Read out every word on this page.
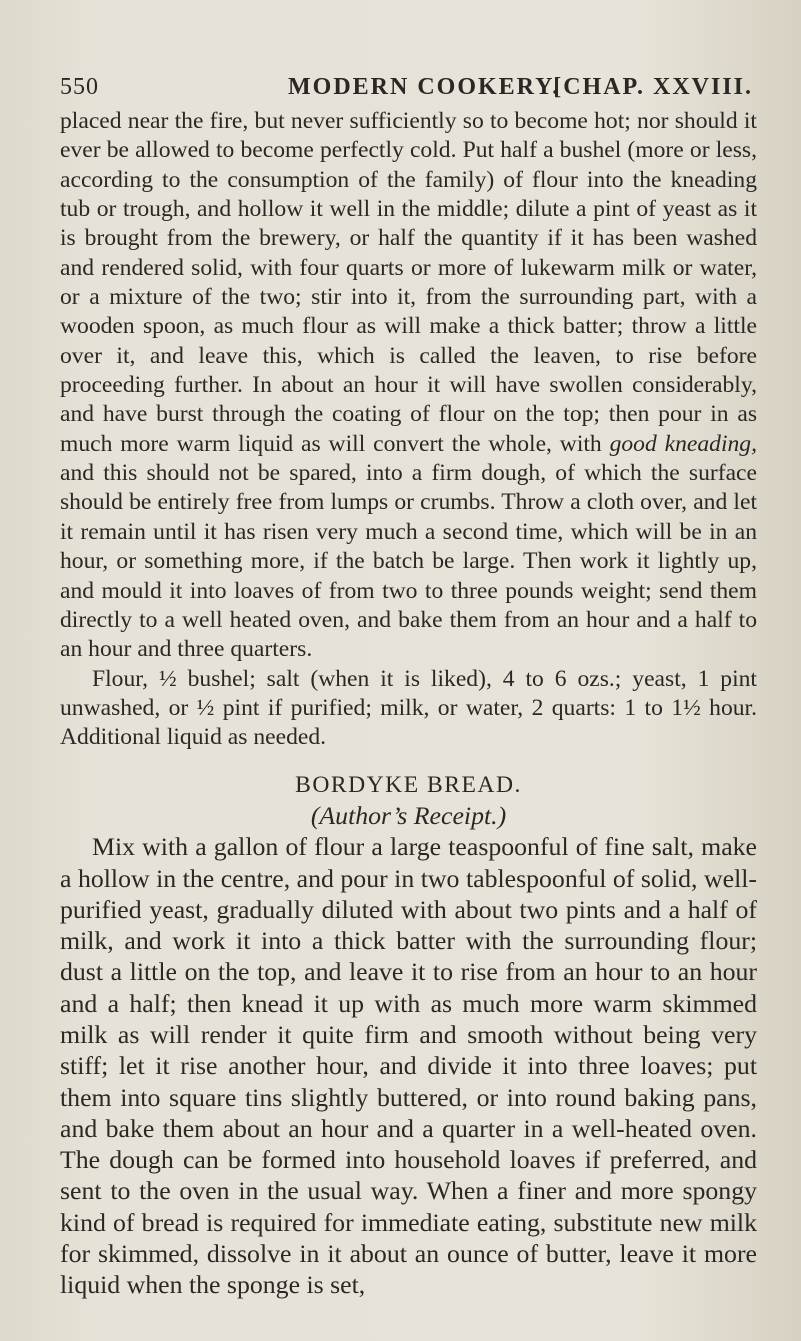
550	MODERN COOKERY.
[CHAP. XXVIII.

placed near the fire, but never sufficiently so to become hot; nor should it ever be allowed to become perfectly cold. Put half a bushel (more or less, according to the consumption of the family) of flour into the kneading tub or trough, and hollow it well in the middle; dilute a pint of yeast as it is brought from the brewery, or half the quantity if it has been washed and rendered solid, with four quarts or more of lukewarm milk or water, or a mixture of the two; stir into it, from the surrounding part, with a wooden spoon, as much flour as will make a thick batter; throw a little over it, and leave this, which is called the leaven, to rise before proceeding further. In about an hour it will have swollen considerably, and have burst through the coating of flour on the top; then pour in as much more warm liquid as will convert the whole, with good kneading, and this should not be spared, into a firm dough, of which the surface should be entirely free from lumps or crumbs. Throw a cloth over, and let it remain until it has risen very much a second time, which will be in an hour, or something more, if the batch be large. Then work it lightly up, and mould it into loaves of from two to three pounds weight; send them directly to a well heated oven, and bake them from an hour and a half to an hour and three quarters.

Flour, ½ bushel; salt (when it is liked), 4 to 6 ozs.; yeast, 1 pint unwashed, or ½ pint if purified; milk, or water, 2 quarts: 1 to 1½ hour. Additional liquid as needed.

BORDYKE BREAD.

(Author’s Receipt.)

Mix with a gallon of flour a large teaspoonful of fine salt, make a hollow in the centre, and pour in two tablespoonful of solid, well-purified yeast, gradually diluted with about two pints and a half of milk, and work it into a thick batter with the surrounding flour; dust a little on the top, and leave it to rise from an hour to an hour and a half; then knead it up with as much more warm skimmed milk as will render it quite firm and smooth without being very stiff; let it rise another hour, and divide it into three loaves; put them into square tins slightly buttered, or into round baking pans, and bake them about an hour and a quarter in a well-heated oven. The dough can be formed into household loaves if preferred, and sent to the oven in the usual way. When a finer and more spongy kind of bread is required for immediate eating, substitute new milk for skimmed, dissolve in it about an ounce of butter, leave it more liquid when the sponge is set,
